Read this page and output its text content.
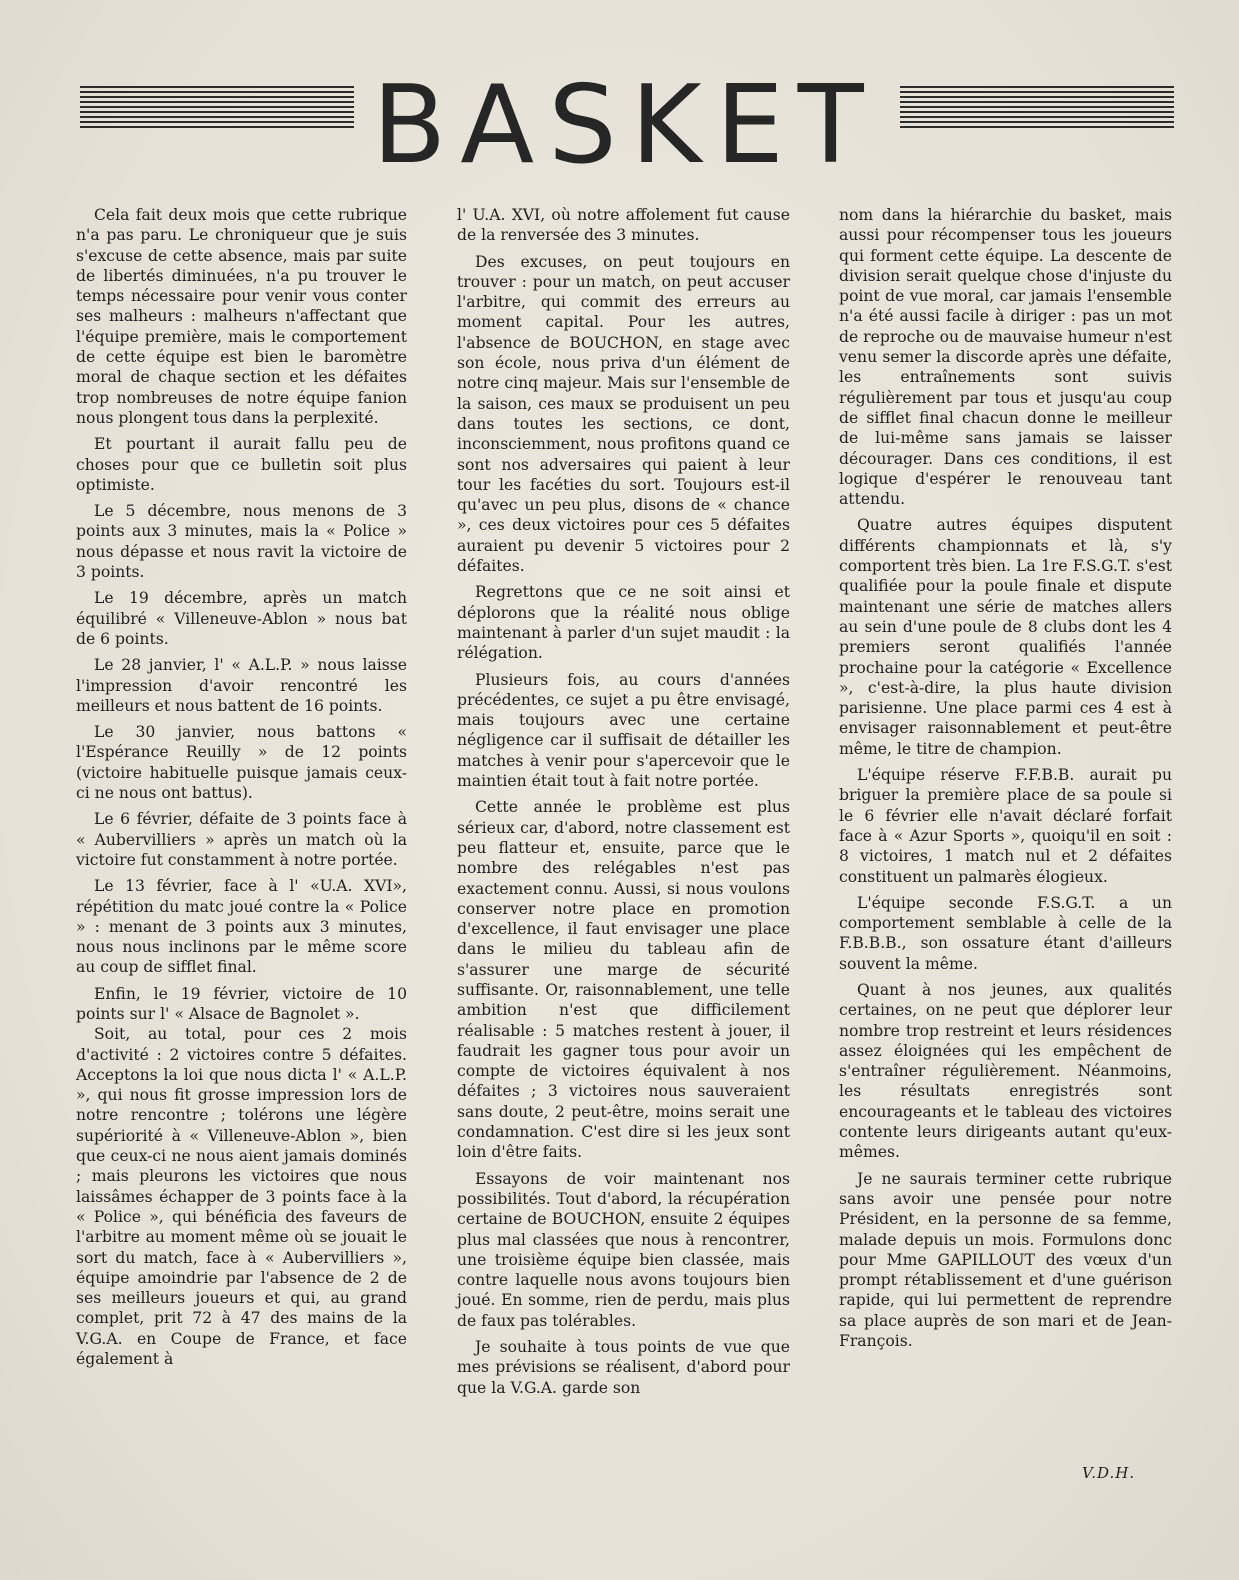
BASKET

Cela fait deux mois que cette rubrique n'a pas paru. Le chroniqueur que je suis s'excuse de cette absence, mais par suite de libertés diminuées, n'a pu trouver le temps nécessaire pour venir vous conter ses malheurs : malheurs n'affectant que l'équipe première, mais le comportement de cette équipe est bien le baromètre moral de chaque section et les défaites trop nombreuses de notre équipe fanion nous plongent tous dans la perplexité.

Et pourtant il aurait fallu peu de choses pour que ce bulletin soit plus optimiste.

Le 5 décembre, nous menons de 3 points aux 3 minutes, mais la « Police » nous dépasse et nous ravit la victoire de 3 points.

Le 19 décembre, après un match équilibré « Villeneuve-Ablon » nous bat de 6 points.

Le 28 janvier, l' « A.L.P. » nous laisse l'impression d'avoir rencontré les meilleurs et nous battent de 16 points.

Le 30 janvier, nous battons « l'Espérance Reuilly » de 12 points (victoire habituelle puisque jamais ceux-ci ne nous ont battus).

Le 6 février, défaite de 3 points face à « Aubervilliers » après un match où la victoire fut constamment à notre portée.

Le 13 février, face à l' «U.A. XVI», répétition du matc joué contre la « Police » : menant de 3 points aux 3 minutes, nous nous inclinons par le même score au coup de sifflet final.

Enfin, le 19 février, victoire de 10 points sur l' « Alsace de Bagnolet ».

Soit, au total, pour ces 2 mois d'activité : 2 victoires contre 5 défaites. Acceptons la loi que nous dicta l' « A.L.P. », qui nous fit grosse impression lors de notre rencontre ; tolérons une légère supériorité à « Villeneuve-Ablon », bien que ceux-ci ne nous aient jamais dominés ; mais pleurons les victoires que nous laissâmes échapper de 3 points face à la « Police », qui bénéficia des faveurs de l'arbitre au moment même où se jouait le sort du match, face à « Aubervilliers », équipe amoindrie par l'absence de 2 de ses meilleurs joueurs et qui, au grand complet, prit 72 à 47 des mains de la V.G.A. en Coupe de France, et face également à

l' U.A. XVI, où notre affolement fut cause de la renversée des 3 minutes.

Des excuses, on peut toujours en trouver : pour un match, on peut accuser l'arbitre, qui commit des erreurs au moment capital. Pour les autres, l'absence de BOUCHON, en stage avec son école, nous priva d'un élément de notre cinq majeur. Mais sur l'ensemble de la saison, ces maux se produisent un peu dans toutes les sections, ce dont, inconsciemment, nous profitons quand ce sont nos adversaires qui paient à leur tour les facéties du sort. Toujours est-il qu'avec un peu plus, disons de « chance », ces deux victoires pour ces 5 défaites auraient pu devenir 5 victoires pour 2 défaites.

Regrettons que ce ne soit ainsi et déplorons que la réalité nous oblige maintenant à parler d'un sujet maudit : la rélégation.

Plusieurs fois, au cours d'années précédentes, ce sujet a pu être envisagé, mais toujours avec une certaine négligence car il suffisait de détailler les matches à venir pour s'apercevoir que le maintien était tout à fait notre portée.

Cette année le problème est plus sérieux car, d'abord, notre classement est peu flatteur et, ensuite, parce que le nombre des relégables n'est pas exactement connu. Aussi, si nous voulons conserver notre place en promotion d'excellence, il faut envisager une place dans le milieu du tableau afin de s'assurer une marge de sécurité suffisante. Or, raisonnablement, une telle ambition n'est que difficilement réalisable : 5 matches restent à jouer, il faudrait les gagner tous pour avoir un compte de victoires équivalent à nos défaites ; 3 victoires nous sauveraient sans doute, 2 peut-être, moins serait une condamnation. C'est dire si les jeux sont loin d'être faits.

Essayons de voir maintenant nos possibilités. Tout d'abord, la récupération certaine de BOUCHON, ensuite 2 équipes plus mal classées que nous à rencontrer, une troisième équipe bien classée, mais contre laquelle nous avons toujours bien joué. En somme, rien de perdu, mais plus de faux pas tolérables.

Je souhaite à tous points de vue que mes prévisions se réalisent, d'abord pour que la V.G.A. garde son

nom dans la hiérarchie du basket, mais aussi pour récompenser tous les joueurs qui forment cette équipe. La descente de division serait quelque chose d'injuste du point de vue moral, car jamais l'ensemble n'a été aussi facile à diriger : pas un mot de reproche ou de mauvaise humeur n'est venu semer la discorde après une défaite, les entraînements sont suivis régulièrement par tous et jusqu'au coup de sifflet final chacun donne le meilleur de lui-même sans jamais se laisser décourager. Dans ces conditions, il est logique d'espérer le renouveau tant attendu.

Quatre autres équipes disputent différents championnats et là, s'y comportent très bien. La 1re F.S.G.T. s'est qualifiée pour la poule finale et dispute maintenant une série de matches allers au sein d'une poule de 8 clubs dont les 4 premiers seront qualifiés l'année prochaine pour la catégorie « Excellence », c'est-à-dire, la plus haute division parisienne. Une place parmi ces 4 est à envisager raisonnablement et peut-être même, le titre de champion.

L'équipe réserve F.F.B.B. aurait pu briguer la première place de sa poule si le 6 février elle n'avait déclaré forfait face à « Azur Sports », quoiqu'il en soit : 8 victoires, 1 match nul et 2 défaites constituent un palmarès élogieux.

L'équipe seconde F.S.G.T. a un comportement semblable à celle de la F.B.B.B., son ossature étant d'ailleurs souvent la même.

Quant à nos jeunes, aux qualités certaines, on ne peut que déplorer leur nombre trop restreint et leurs résidences assez éloignées qui les empêchent de s'entraîner régulièrement. Néanmoins, les résultats enregistrés sont encourageants et le tableau des victoires contente leurs dirigeants autant qu'eux-mêmes.

Je ne saurais terminer cette rubrique sans avoir une pensée pour notre Président, en la personne de sa femme, malade depuis un mois. Formulons donc pour Mme GAPILLOUT des vœux d'un prompt rétablissement et d'une guérison rapide, qui lui permettent de reprendre sa place auprès de son mari et de Jean-François.

V.D.H.
